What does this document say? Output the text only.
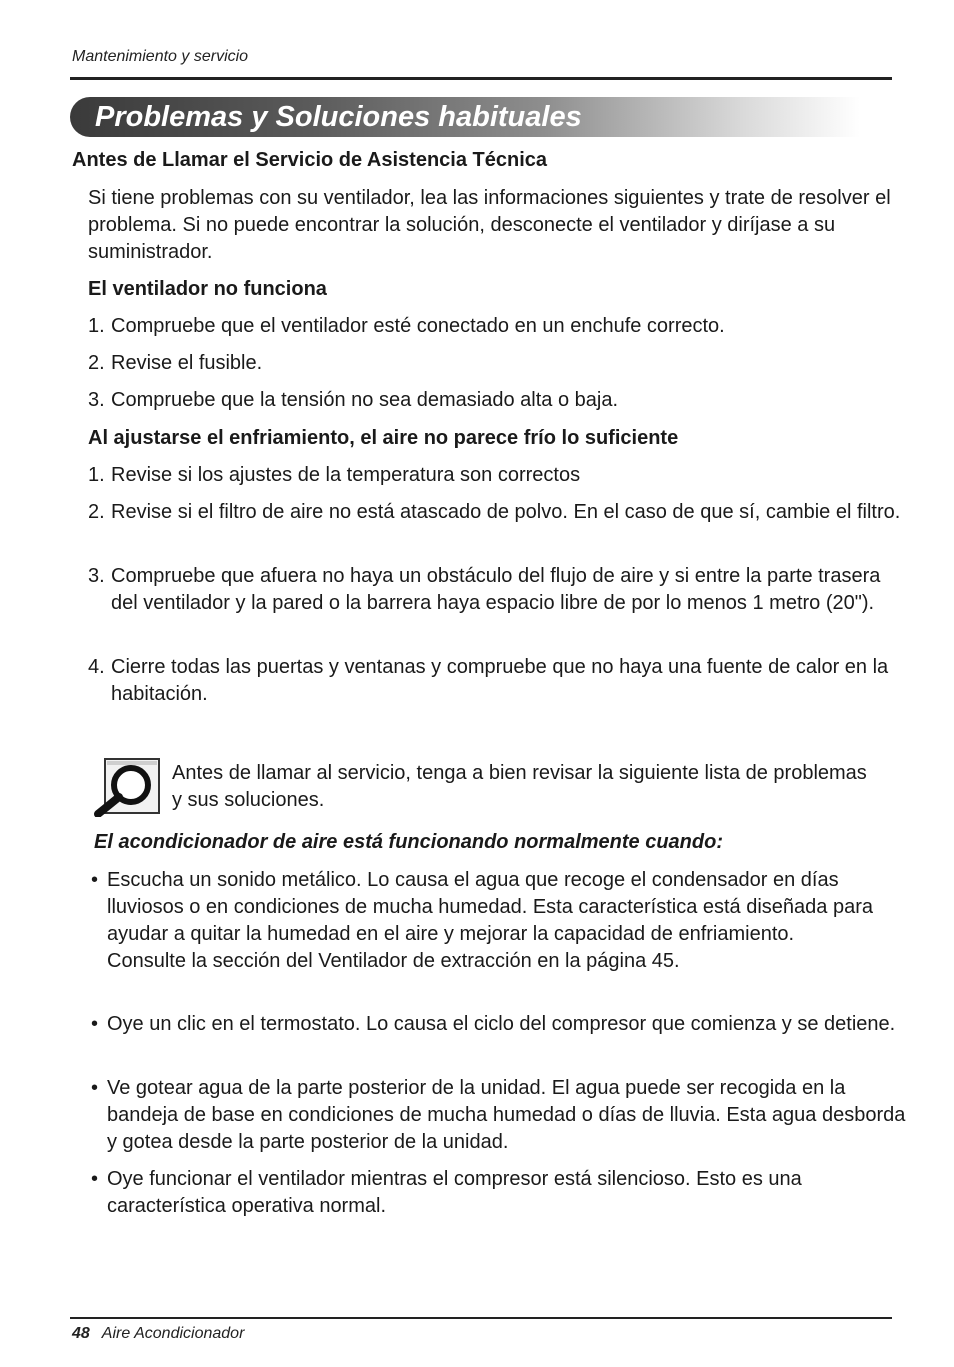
Mantenimiento y servicio
Problemas y Soluciones habituales
Antes de Llamar el Servicio de Asistencia Técnica
Si tiene problemas con su ventilador, lea las informaciones siguientes y trate de resolver el problema. Si no puede encontrar la solución, desconecte el ventilador y diríjase a su suministrador.
El ventilador no funciona
1. Compruebe que el ventilador esté conectado en un enchufe correcto.
2. Revise el fusible.
3. Compruebe que la tensión no sea demasiado alta o baja.
Al ajustarse el enfriamiento, el aire no parece frío lo suficiente
1. Revise si los ajustes de la temperatura son correctos
2. Revise si el filtro de aire no está atascado de polvo. En el caso de que sí, cambie el filtro.
3. Compruebe que afuera no haya un obstáculo del flujo de aire y si entre la parte trasera del ventilador y la pared o la barrera haya espacio libre de por lo menos 1 metro (20").
4. Cierre todas las puertas y ventanas y compruebe que no haya una fuente de calor en la habitación.
Antes de llamar al servicio, tenga a bien revisar la siguiente lista de problemas y sus soluciones.
El acondicionador de aire está funcionando normalmente cuando:
• Escucha un sonido metálico. Lo causa el agua que recoge el condensador en días lluviosos o en condiciones de mucha humedad. Esta característica está diseñada para ayudar a quitar la humedad en el aire y mejorar la capacidad de enfriamiento.
Consulte la sección del Ventilador de extracción en la página 45.
• Oye un clic en el termostato. Lo causa el ciclo del compresor que comienza y se detiene.
• Ve gotear agua de la parte posterior de la unidad. El agua puede ser recogida en la bandeja de base en condiciones de mucha humedad o días de lluvia. Esta agua desborda y gotea desde la parte posterior de la unidad.
• Oye funcionar el ventilador mientras el compresor está silencioso. Esto es una característica operativa normal.
48 Aire Acondicionador
